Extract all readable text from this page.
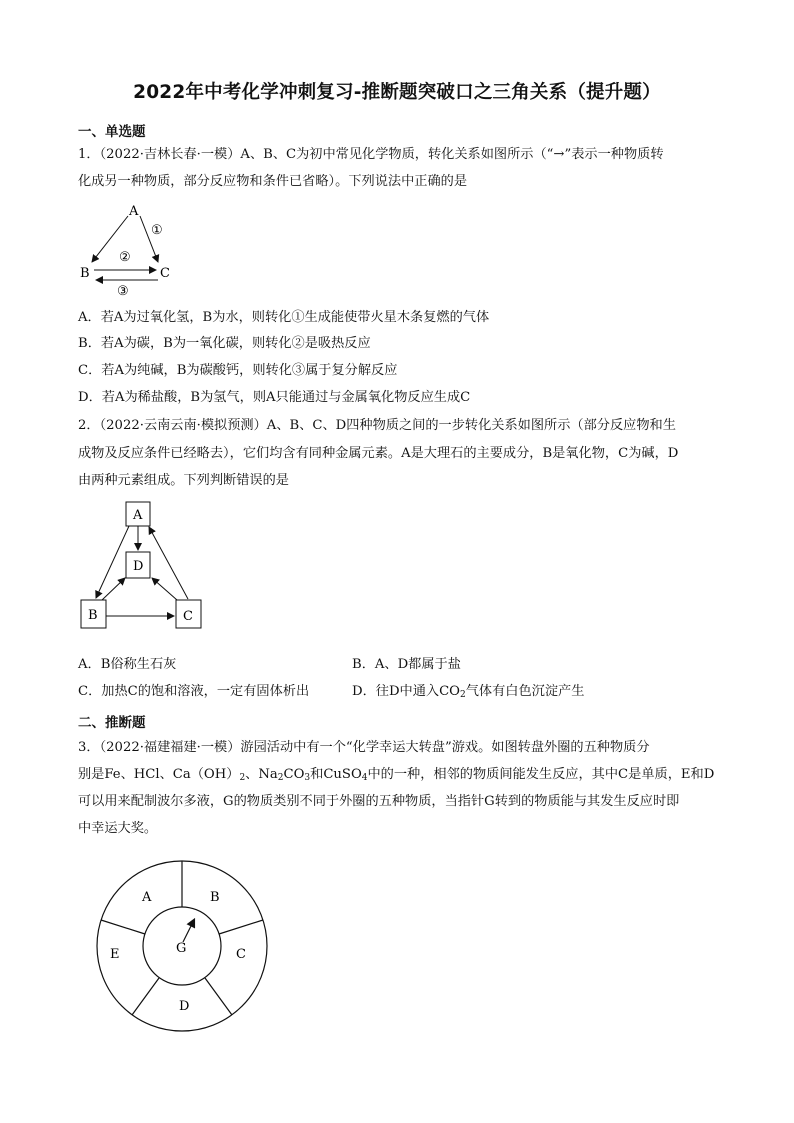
2022年中考化学冲刺复习-推断题突破口之三角关系（提升题）
一、单选题
1．（2022·吉林长春·一模）A、B、C为初中常见化学物质，转化关系如图所示（“→”表示一种物质转
化成另一种物质，部分反应物和条件已省略）。下列说法中正确的是
A
B	C
①
②
③
A．若A为过氧化氢，B为水，则转化①生成能使带火星木条复燃的气体
B．若A为碳，B为一氧化碳，则转化②是吸热反应
C．若A为纯碱，B为碳酸钙，则转化③属于复分解反应
D．若A为稀盐酸，B为氢气，则A只能通过与金属氧化物反应生成C
2．（2022·云南云南·模拟预测）A、B、C、D四种物质之间的一步转化关系如图所示（部分反应物和生
成物及反应条件已经略去），它们均含有同种金属元素。A是大理石的主要成分，B是氧化物，C为碱，D
由两种元素组成。下列判断错误的是
A
D
B	C
A．B俗称生石灰	B．A、D都属于盐
C．加热C的饱和溶液，一定有固体析出	D．往D中通入$CO_2$气体有白色沉淀产生
二、推断题
3．（2022·福建福建·一模）游园活动中有一个“化学幸运大转盘”游戏。如图转盘外圈的五种物质分
别是Fe、HCl、$Ca(OH)_2$、$Na_2CO_3$和CuSO$_4$中的一种，相邻的物质间能发生反应，其中C是单质，E和D
可以用来配制波尔多液，G的物质类别不同于外圈的五种物质，当指针G转到的物质能与其发生反应时即
中幸运大奖。
A	B
C
D
E	G
